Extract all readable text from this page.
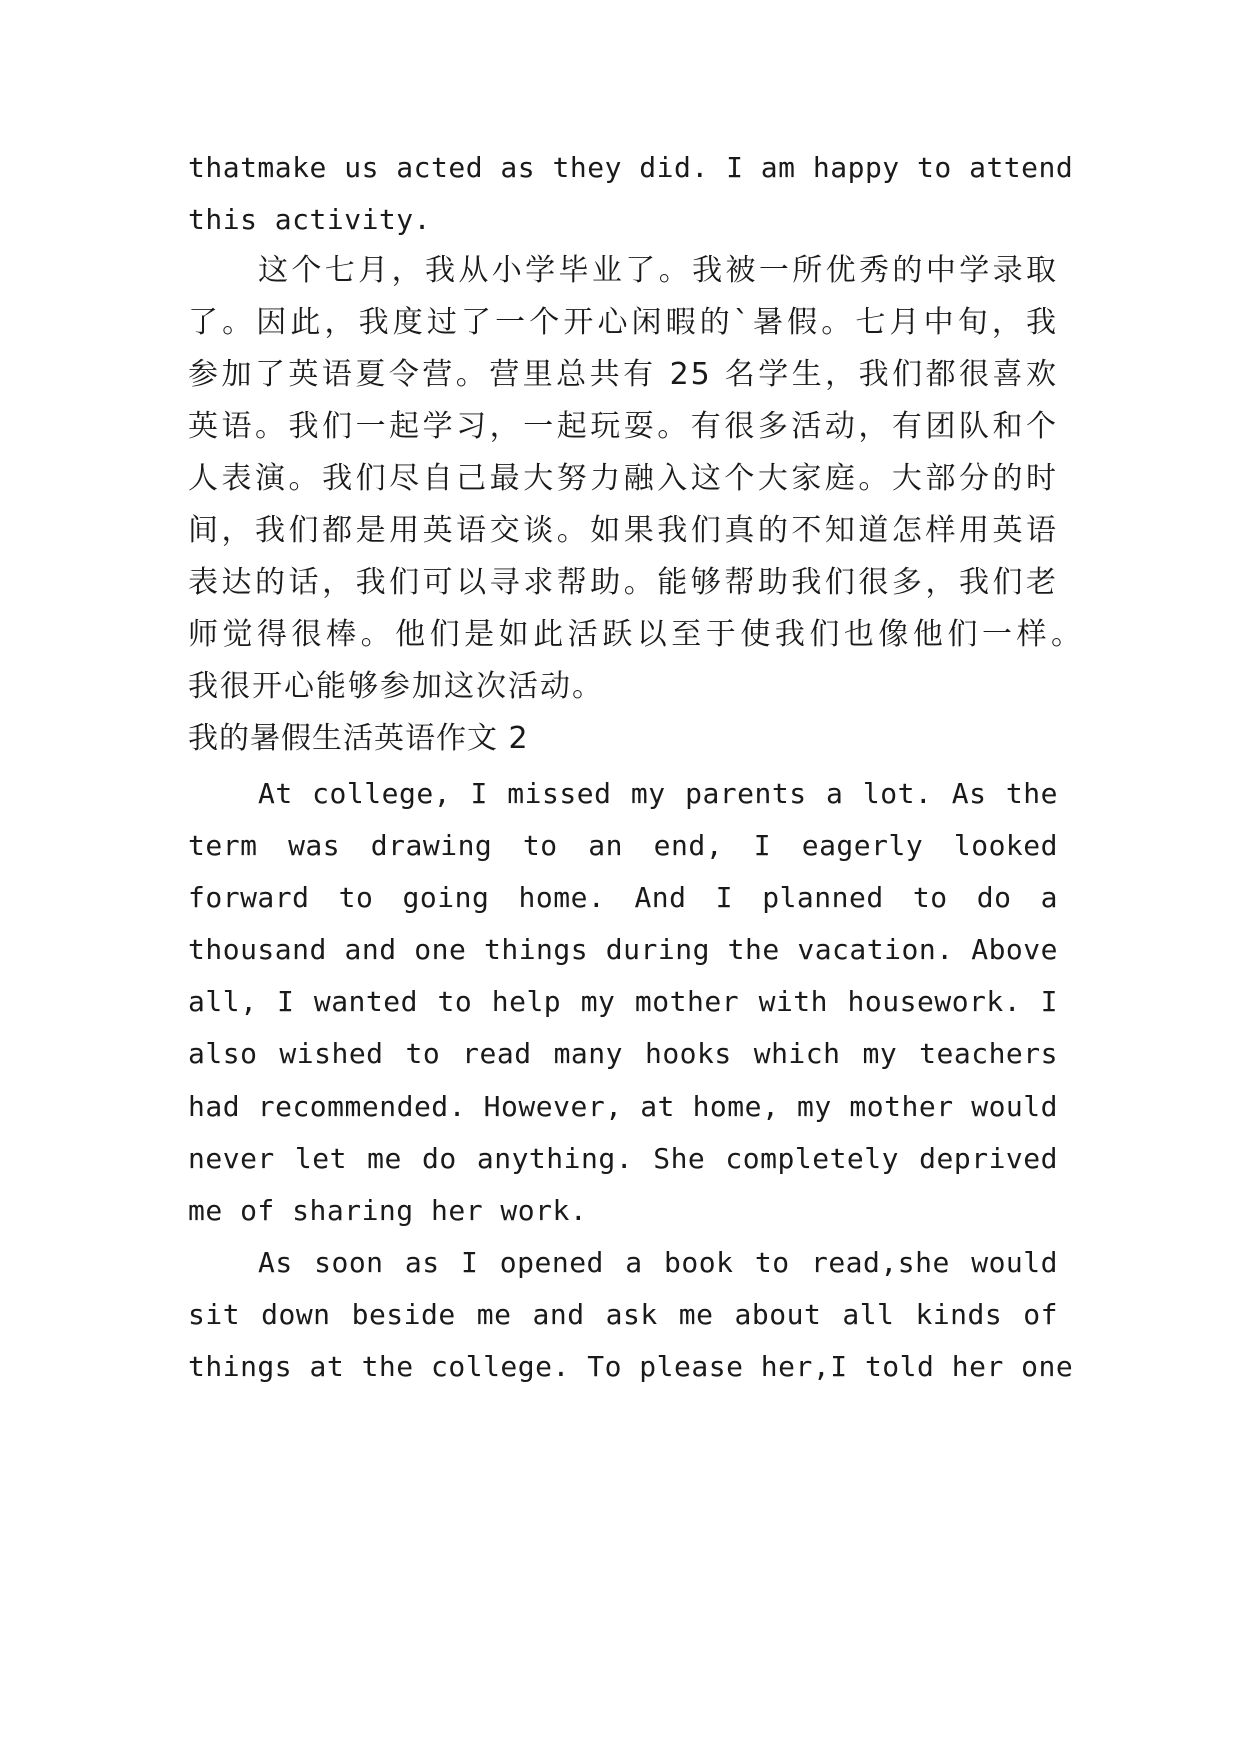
thatmake us acted as they did. I am happy to attend
this activity.
这个七月，我从小学毕业了。我被一所优秀的中学录取
了。因此，我度过了一个开心闲暇的`暑假。七月中旬，我
参加了英语夏令营。营里总共有 25 名学生，我们都很喜欢
英语。我们一起学习，一起玩耍。有很多活动，有团队和个
人表演。我们尽自己最大努力融入这个大家庭。大部分的时
间，我们都是用英语交谈。如果我们真的不知道怎样用英语
表达的话，我们可以寻求帮助。能够帮助我们很多，我们老
师觉得很棒。他们是如此活跃以至于使我们也像他们一样。
我很开心能够参加这次活动。
我的暑假生活英语作文 2
At college, I missed my parents a lot. As the
term was drawing to an end, I eagerly looked
forward to going home. And I planned to do a
thousand and one things during the vacation. Above
all, I wanted to help my mother with housework. I
also wished to read many hooks which my teachers
had recommended. However, at home, my mother would
never let me do anything. She completely deprived
me of sharing her work.
As soon as I opened a book to read,she would
sit down beside me and ask me about all kinds of
things at the college. To please her,I told her one
